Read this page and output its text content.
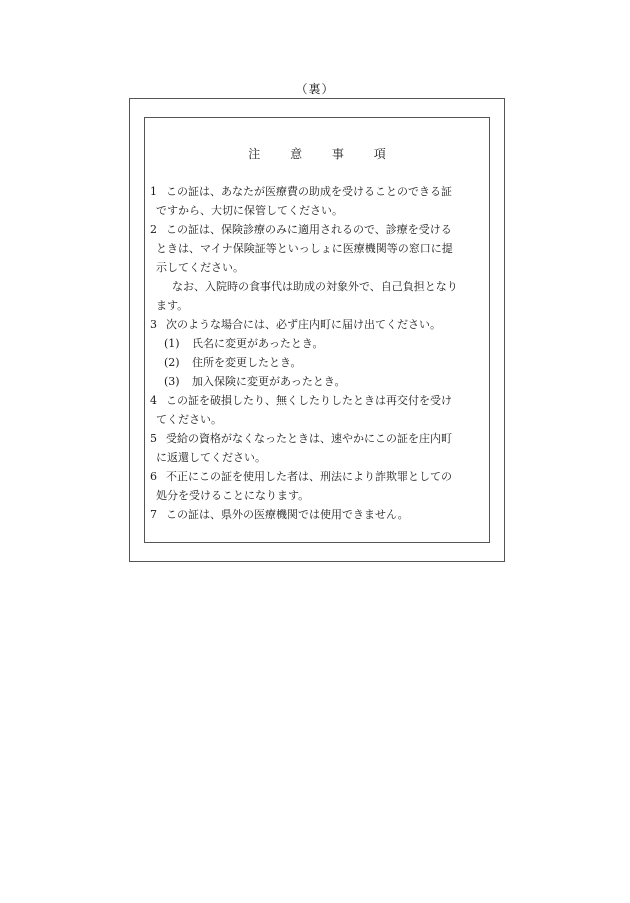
（裏）
注 意 事 項
1 この証は、あなたが医療費の助成を受けることのできる証
ですから、大切に保管してください。
2 この証は、保険診療のみに適用されるので、診療を受ける
ときは、マイナ保険証等といっしょに医療機関等の窓口に提
示してください。
なお、入院時の食事代は助成の対象外で、自己負担となり
ます。
3 次のような場合には、必ず庄内町に届け出てください。
(1) 氏名に変更があったとき。
(2) 住所を変更したとき。
(3) 加入保険に変更があったとき。
4 この証を破損したり、無くしたりしたときは再交付を受け
てください。
5 受給の資格がなくなったときは、速やかにこの証を庄内町
に返還してください。
6 不正にこの証を使用した者は、刑法により詐欺罪としての
処分を受けることになります。
7 この証は、県外の医療機関では使用できません。
